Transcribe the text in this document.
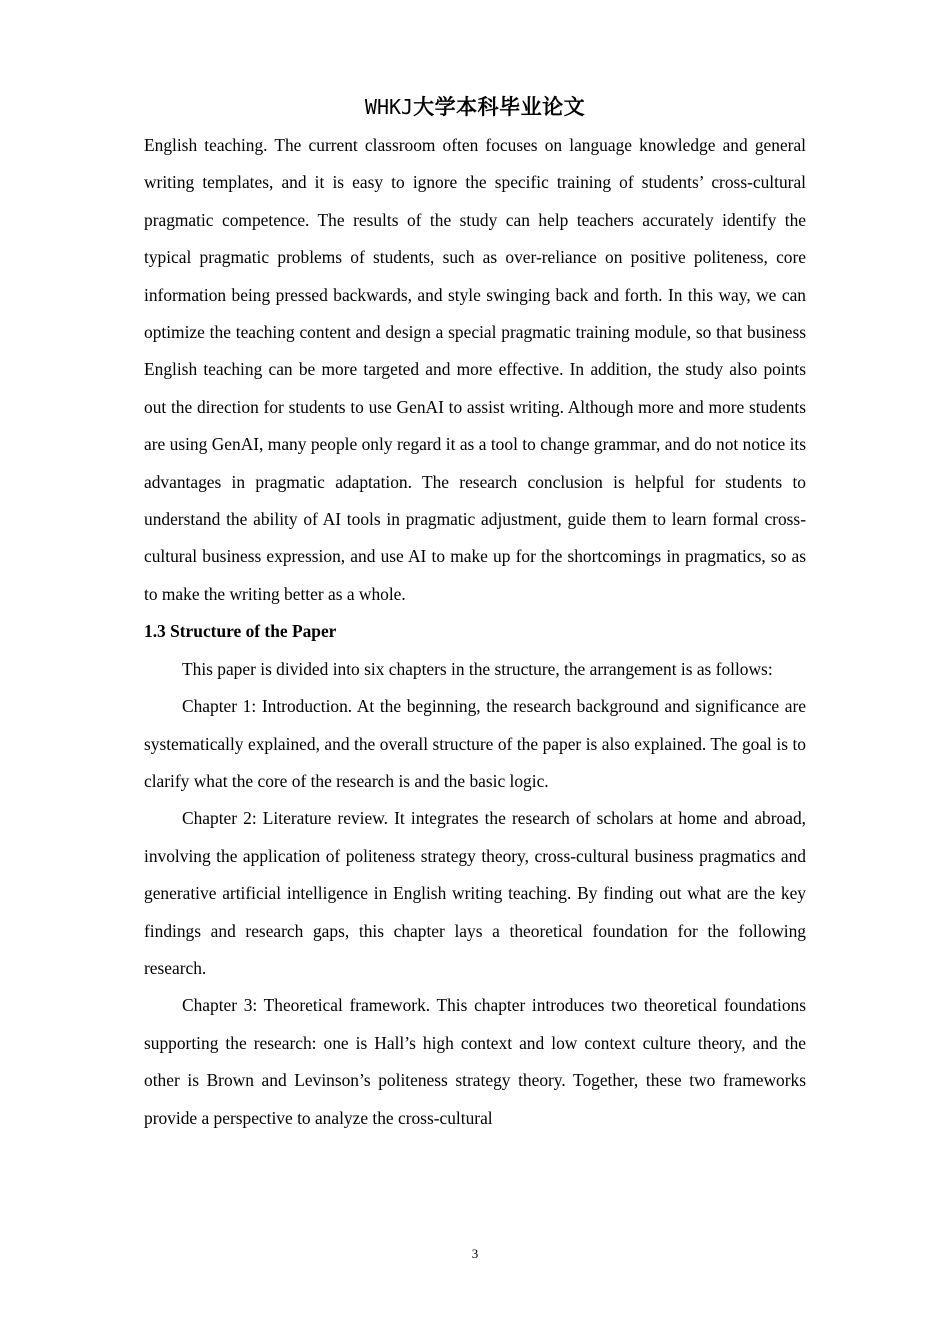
WHKJ大学本科毕业论文

English teaching. The current classroom often focuses on language knowledge and general writing templates, and it is easy to ignore the specific training of students’ cross-cultural pragmatic competence. The results of the study can help teachers accurately identify the typical pragmatic problems of students, such as over-reliance on positive politeness, core information being pressed backwards, and style swinging back and forth. In this way, we can optimize the teaching content and design a special pragmatic training module, so that business English teaching can be more targeted and more effective. In addition, the study also points out the direction for students to use GenAI to assist writing. Although more and more students are using GenAI, many people only regard it as a tool to change grammar, and do not notice its advantages in pragmatic adaptation. The research conclusion is helpful for students to understand the ability of AI tools in pragmatic adjustment, guide them to learn formal cross-cultural business expression, and use AI to make up for the shortcomings in pragmatics, so as to make the writing better as a whole.

1.3 Structure of the Paper

This paper is divided into six chapters in the structure, the arrangement is as follows:

Chapter 1: Introduction. At the beginning, the research background and significance are systematically explained, and the overall structure of the paper is also explained. The goal is to clarify what the core of the research is and the basic logic.

Chapter 2: Literature review. It integrates the research of scholars at home and abroad, involving the application of politeness strategy theory, cross-cultural business pragmatics and generative artificial intelligence in English writing teaching. By finding out what are the key findings and research gaps, this chapter lays a theoretical foundation for the following research.

Chapter 3: Theoretical framework. This chapter introduces two theoretical foundations supporting the research: one is Hall’s high context and low context culture theory, and the other is Brown and Levinson’s politeness strategy theory. Together, these two frameworks provide a perspective to analyze the cross-cultural

3
